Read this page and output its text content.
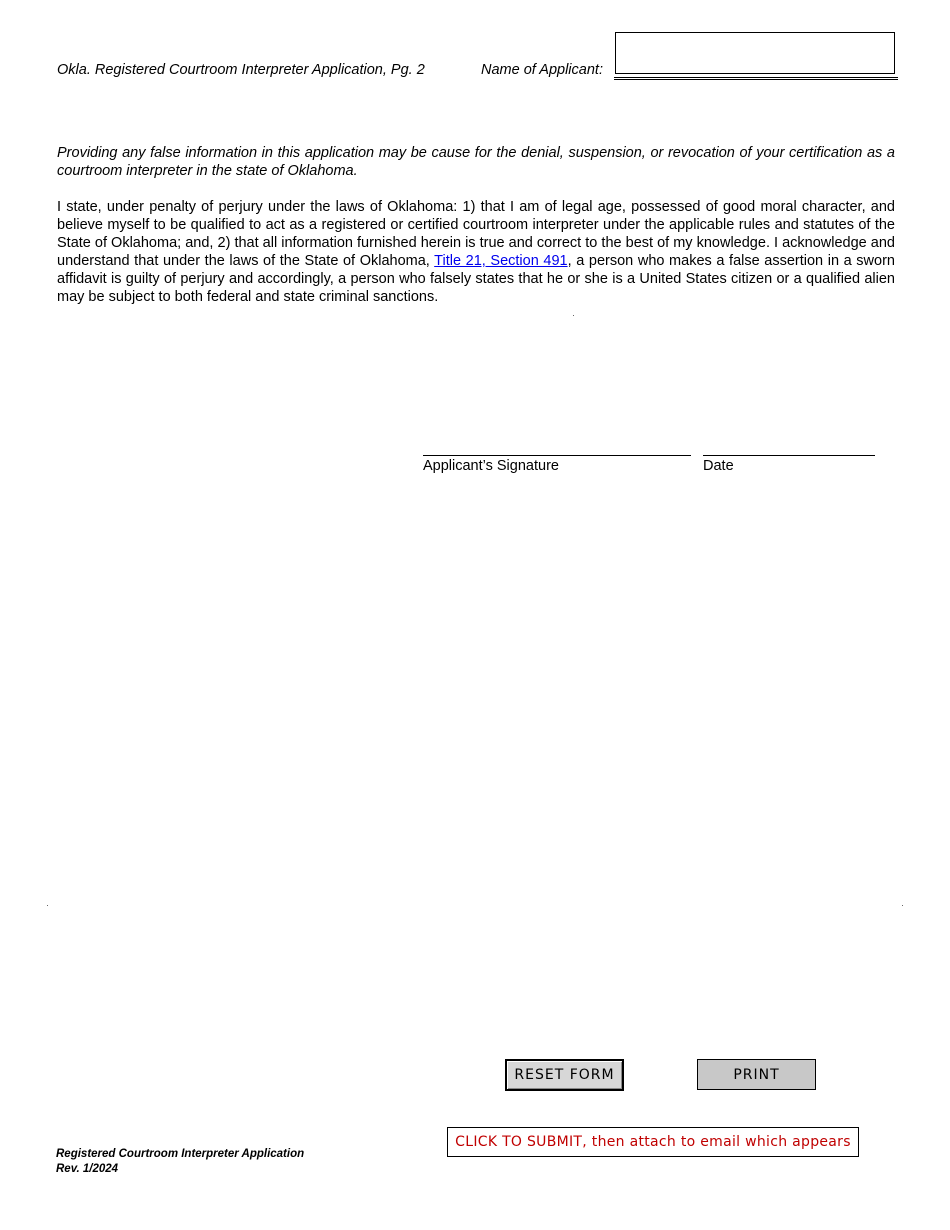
Okla. Registered Courtroom Interpreter Application, Pg. 2	Name of Applicant:
Providing any false information in this application may be cause for the denial, suspension, or revocation of your certification as a courtroom interpreter in the state of Oklahoma.
I state, under penalty of perjury under the laws of Oklahoma: 1) that I am of legal age, possessed of good moral character, and believe myself to be qualified to act as a registered or certified courtroom interpreter under the applicable rules and statutes of the State of Oklahoma; and, 2) that all information furnished herein is true and correct to the best of my knowledge. I acknowledge and understand that under the laws of the State of Oklahoma, Title 21, Section 491, a person who makes a false assertion in a sworn affidavit is guilty of perjury and accordingly, a person who falsely states that he or she is a United States citizen or a qualified alien may be subject to both federal and state criminal sanctions.
Applicant’s Signature	Date
RESET FORM	PRINT
CLICK TO SUBMIT, then attach to email which appears
Registered Courtroom Interpreter Application
Rev. 1/2024
